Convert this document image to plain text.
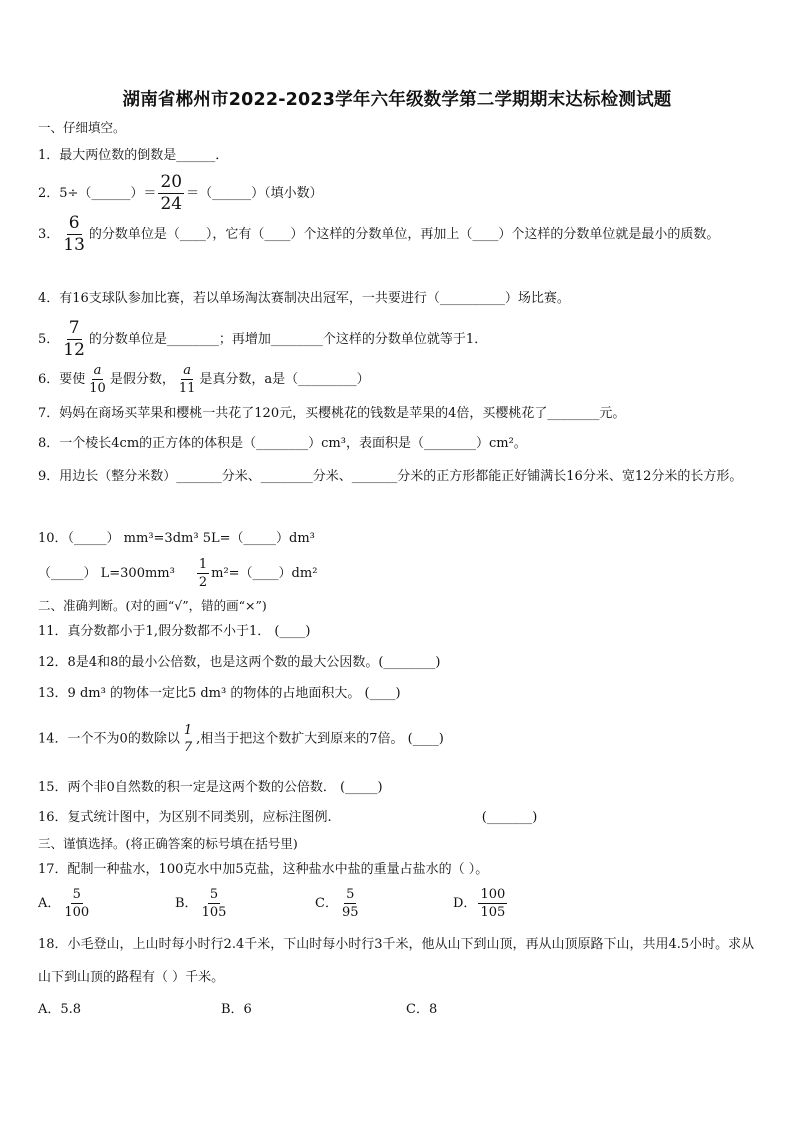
湖南省郴州市2022-2023学年六年级数学第二学期期末达标检测试题
一、仔细填空。
1．最大两位数的倒数是______．
2．5÷（______）＝ $\frac{20}{24}$ ＝（______）（填小数）
3． $\frac{6}{13}$ 的分数单位是（____），它有（____）个这样的分数单位，再加上（____）个这样的分数单位就是最小的质数。
4．有16支球队参加比赛，若以单场淘汰赛制决出冠军，一共要进行（__________）场比赛。
5． $\frac{7}{12}$ 的分数单位是________；再增加________个这样的分数单位就等于1．
6．要使 $\frac{a}{10}$ 是假分数， $\frac{a}{11}$ 是真分数，a是（_________）
7．妈妈在商场买苹果和樱桃一共花了120元，买樱桃花的钱数是苹果的4倍，买樱桃花了________元。
8．一个棱长4cm的正方体的体积是（________）cm³，表面积是（________）cm²。
9．用边长（整分米数）_______分米、________分米、_______分米的正方形都能正好铺满长16分米、宽12分米的长方形。
10．（_____） mm³=3dm³ 5L=（_____）dm³
（_____） $L=300mm^3 \frac{1}{2}$ m²=（____）dm²
二、准确判断。(对的画“√”，错的画“×”)
11．真分数都小于1,假分数都不小于1． (____)
12．8是4和8的最小公倍数，也是这两个数的最大公因数。(________)
13．9 dm³ 的物体一定比5 dm³ 的物体的占地面积大。 (____)
14．一个不为0的数除以
1
7
,相当于把这个数扩大到原来的7倍。 (____)
15．两个非0自然数的积一定是这两个数的公倍数． (_____)
16．复式统计图中，为区别不同类别，应标注图例.	(_______)
三、谨慎选择。(将正确答案的标号填在括号里)
17．配制一种盐水，100克水中加5克盐，这种盐水中盐的重量占盐水的（ ）。
A． $\frac{5}{100}$	B． $\frac{5}{105}$	C． $\frac{5}{95}$	D． $\frac{100}{105}$
18．小毛登山，上山时每小时行2.4千米，下山时每小时行3千米，他从山下到山顶，再从山顶原路下山，共用4.5小时。求从山下到山顶的路程有（ ）千米。
A．5.8	B．6	C．8
